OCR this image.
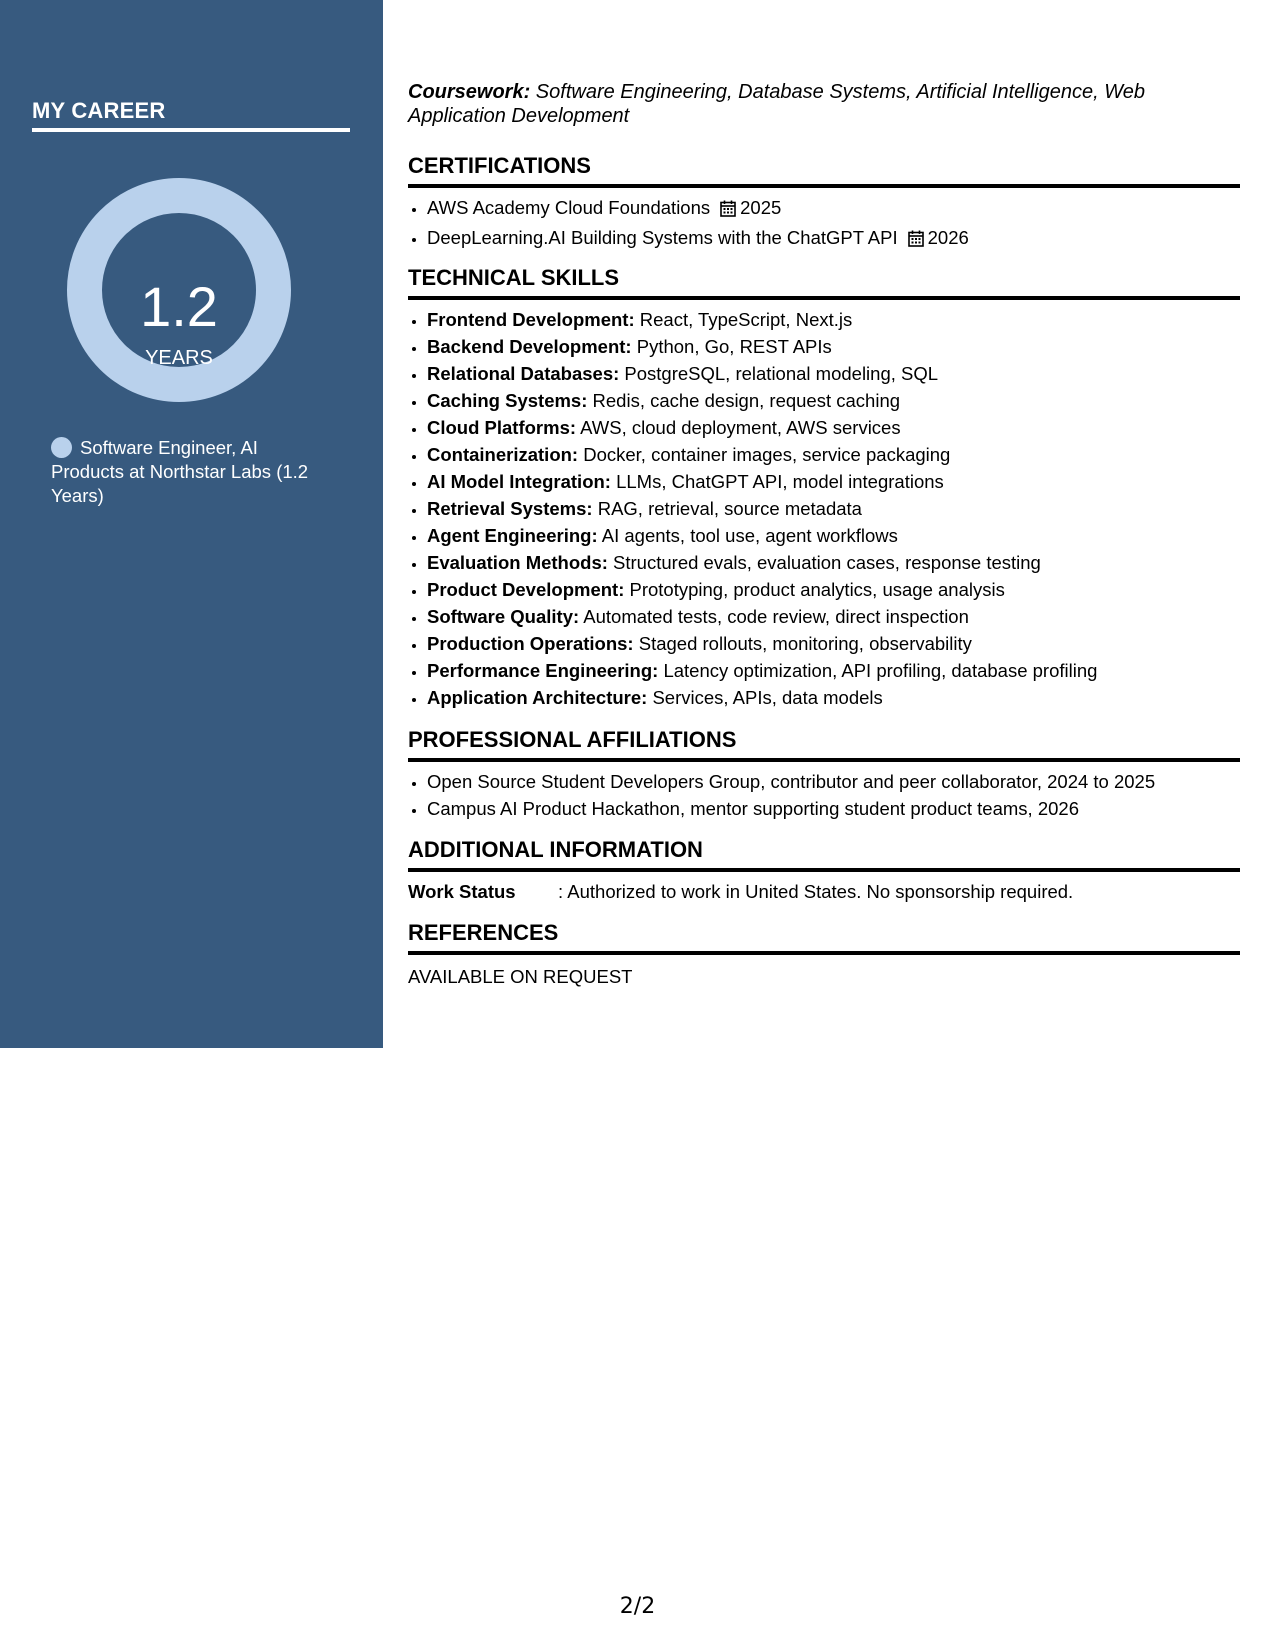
MY CAREER
1.2
YEARS
Software Engineer, AI Products at Northstar Labs (1.2 Years)

Coursework: Software Engineering, Database Systems, Artificial Intelligence, Web Application Development

CERTIFICATIONS
• AWS Academy Cloud Foundations 2025
• DeepLearning.AI Building Systems with the ChatGPT API 2026
TECHNICAL SKILLS
• Frontend Development: React, TypeScript, Next.js
• Backend Development: Python, Go, REST APIs
• Relational Databases: PostgreSQL, relational modeling, SQL
• Caching Systems: Redis, cache design, request caching
• Cloud Platforms: AWS, cloud deployment, AWS services
• Containerization: Docker, container images, service packaging
• AI Model Integration: LLMs, ChatGPT API, model integrations
• Retrieval Systems: RAG, retrieval, source metadata
• Agent Engineering: AI agents, tool use, agent workflows
• Evaluation Methods: Structured evals, evaluation cases, response testing
• Product Development: Prototyping, product analytics, usage analysis
• Software Quality: Automated tests, code review, direct inspection
• Production Operations: Staged rollouts, monitoring, observability
• Performance Engineering: Latency optimization, API profiling, database profiling
• Application Architecture: Services, APIs, data models
PROFESSIONAL AFFILIATIONS
• Open Source Student Developers Group, contributor and peer collaborator, 2024 to 2025
• Campus AI Product Hackathon, mentor supporting student product teams, 2026
ADDITIONAL INFORMATION
Work Status : Authorized to work in United States. No sponsorship required.
REFERENCES
AVAILABLE ON REQUEST
2/2
